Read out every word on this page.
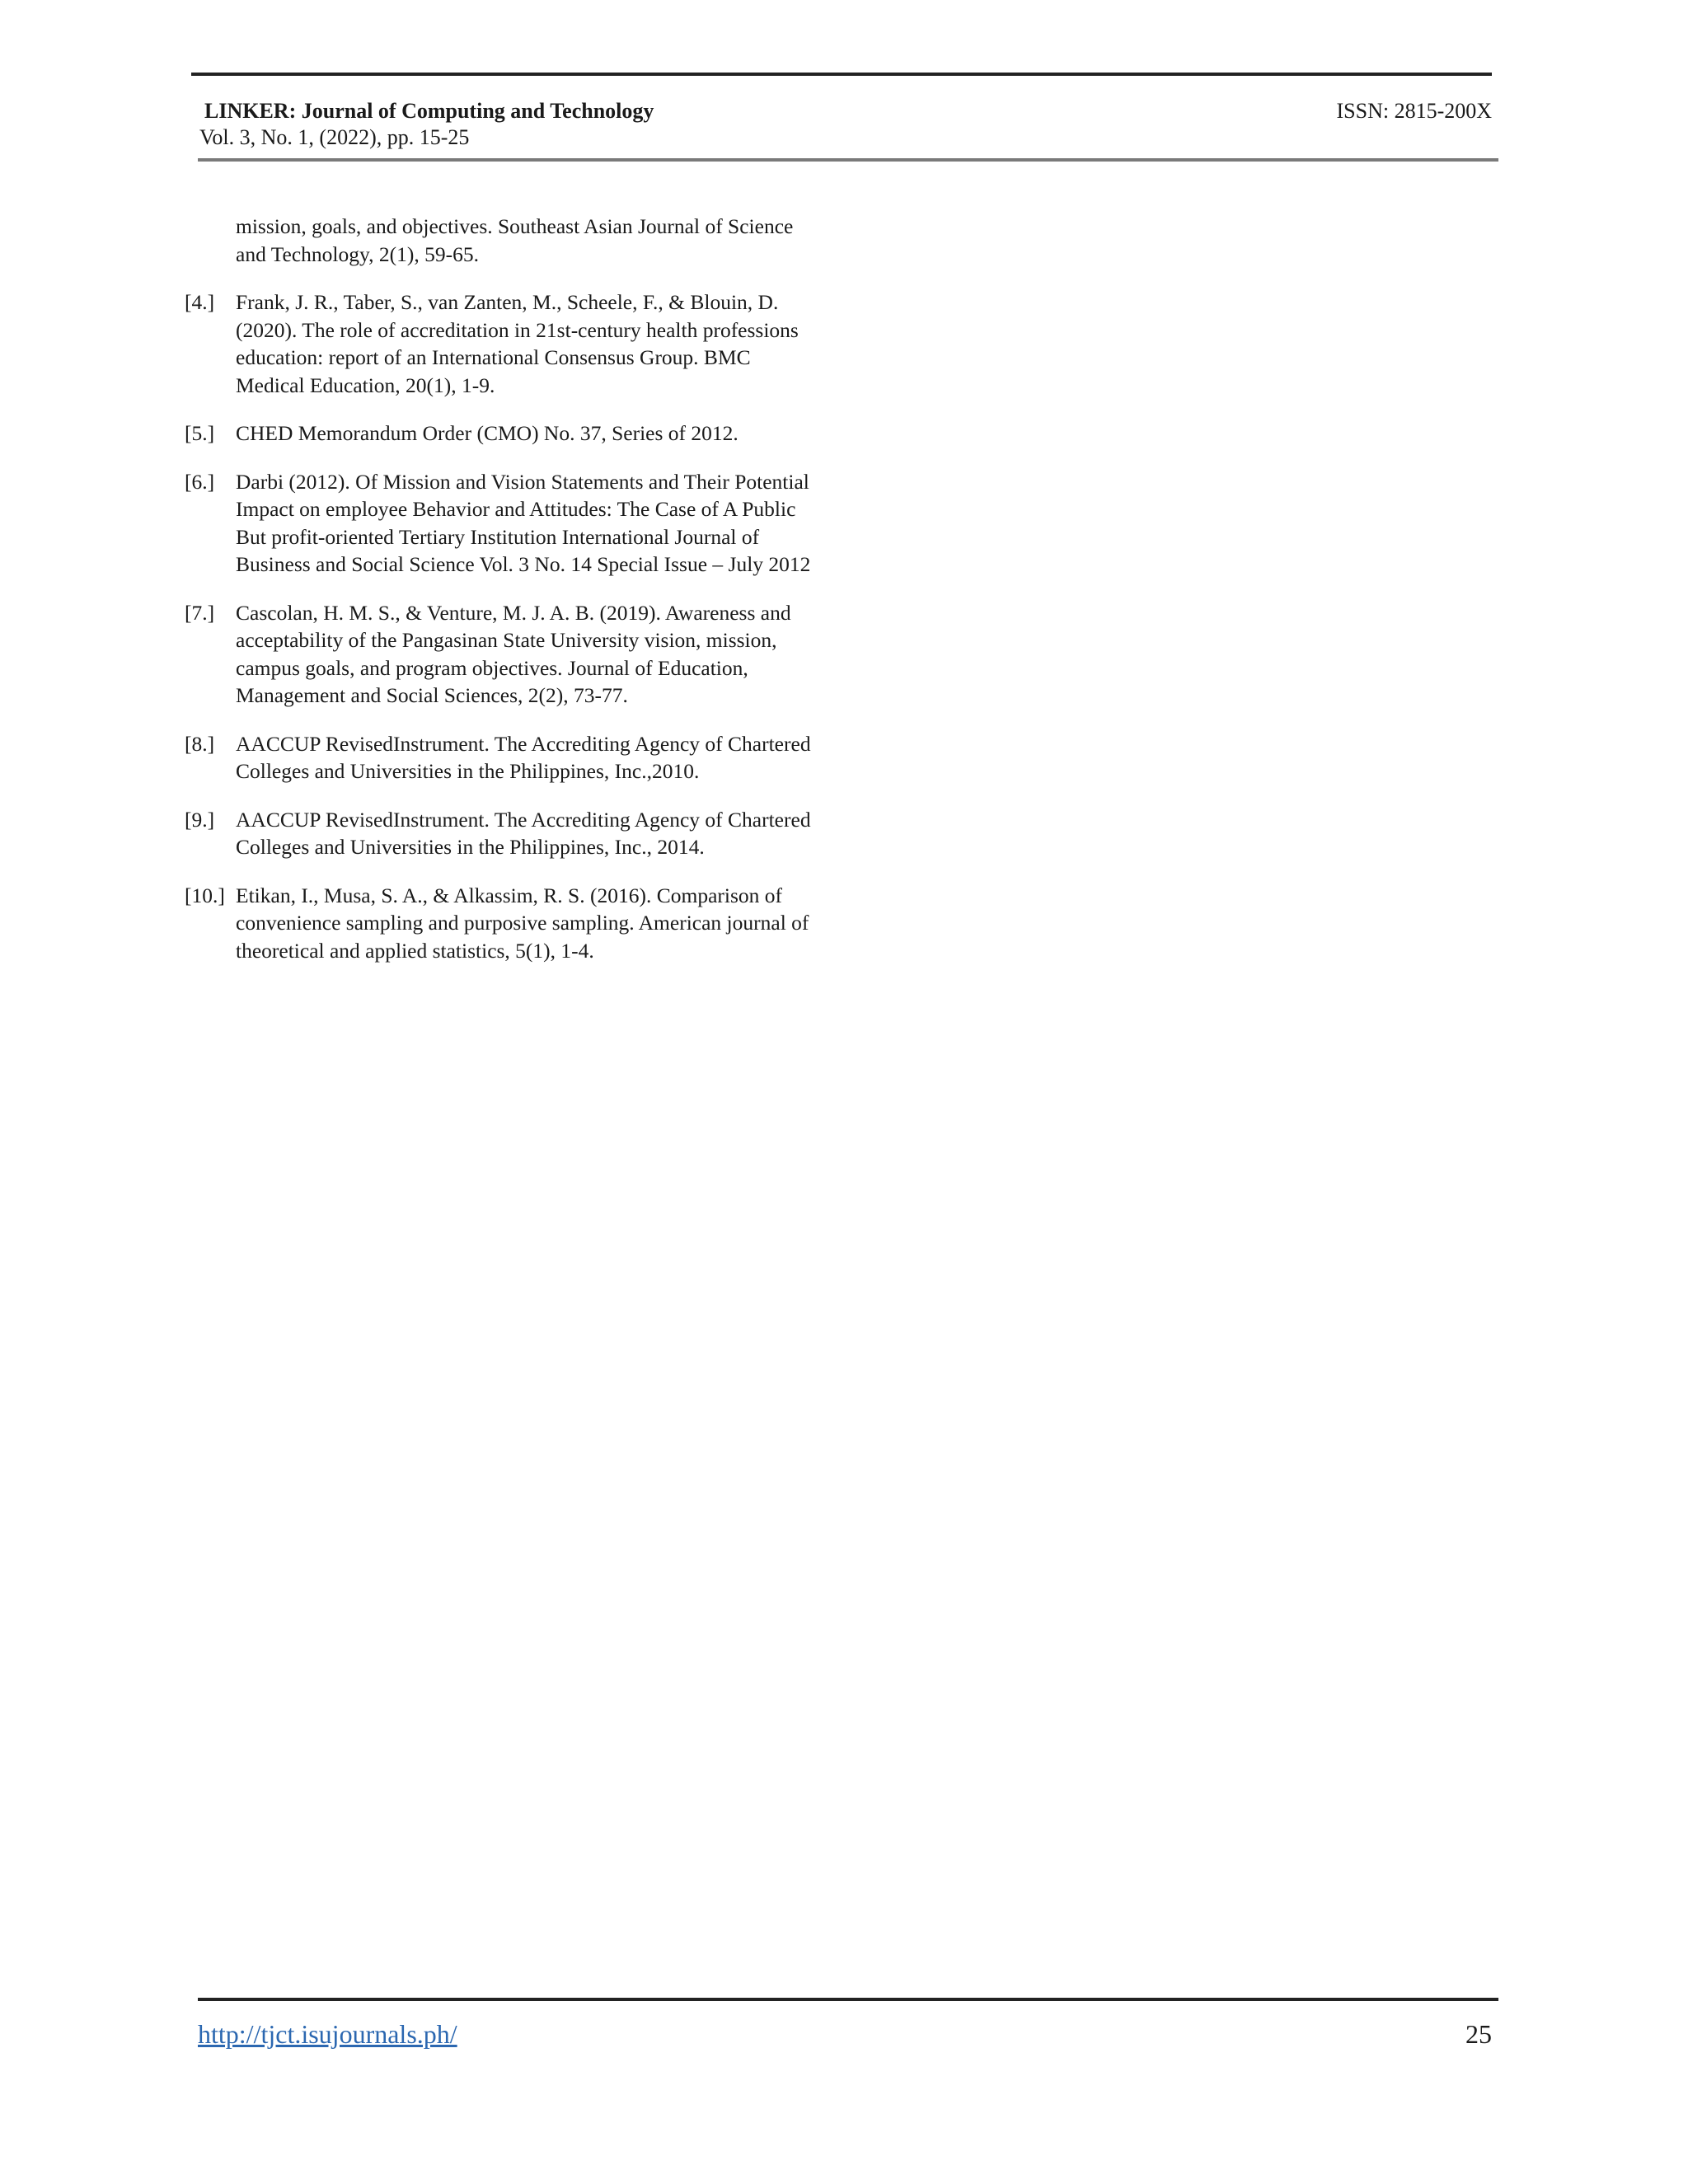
LINKER: Journal of Computing and Technology
Vol. 3, No. 1, (2022), pp. 15-25
ISSN: 2815-200X
mission, goals, and objectives. Southeast Asian Journal of Science and Technology, 2(1), 59-65.
[4.]	Frank, J. R., Taber, S., van Zanten, M., Scheele, F., & Blouin, D. (2020). The role of accreditation in 21st-century health professions education: report of an International Consensus Group. BMC Medical Education, 20(1), 1-9.
[5.]	CHED Memorandum Order (CMO) No. 37, Series of 2012.
[6.]	Darbi (2012). Of Mission and Vision Statements and Their Potential Impact on employee Behavior and Attitudes: The Case of A Public But profit-oriented Tertiary Institution International Journal of Business and Social Science Vol. 3 No. 14 Special Issue – July 2012
[7.]	Cascolan, H. M. S., & Venture, M. J. A. B. (2019). Awareness and acceptability of the Pangasinan State University vision, mission, campus goals, and program objectives. Journal of Education, Management and Social Sciences, 2(2), 73-77.
[8.]	AACCUP RevisedInstrument. The Accrediting Agency of Chartered Colleges and Universities in the Philippines, Inc.,2010.
[9.]	AACCUP RevisedInstrument. The Accrediting Agency of Chartered Colleges and Universities in the Philippines, Inc., 2014.
[10.] Etikan, I., Musa, S. A., & Alkassim, R. S. (2016). Comparison of convenience sampling and purposive sampling. American journal of theoretical and applied statistics, 5(1), 1-4.
http://tjct.isujournals.ph/	25
